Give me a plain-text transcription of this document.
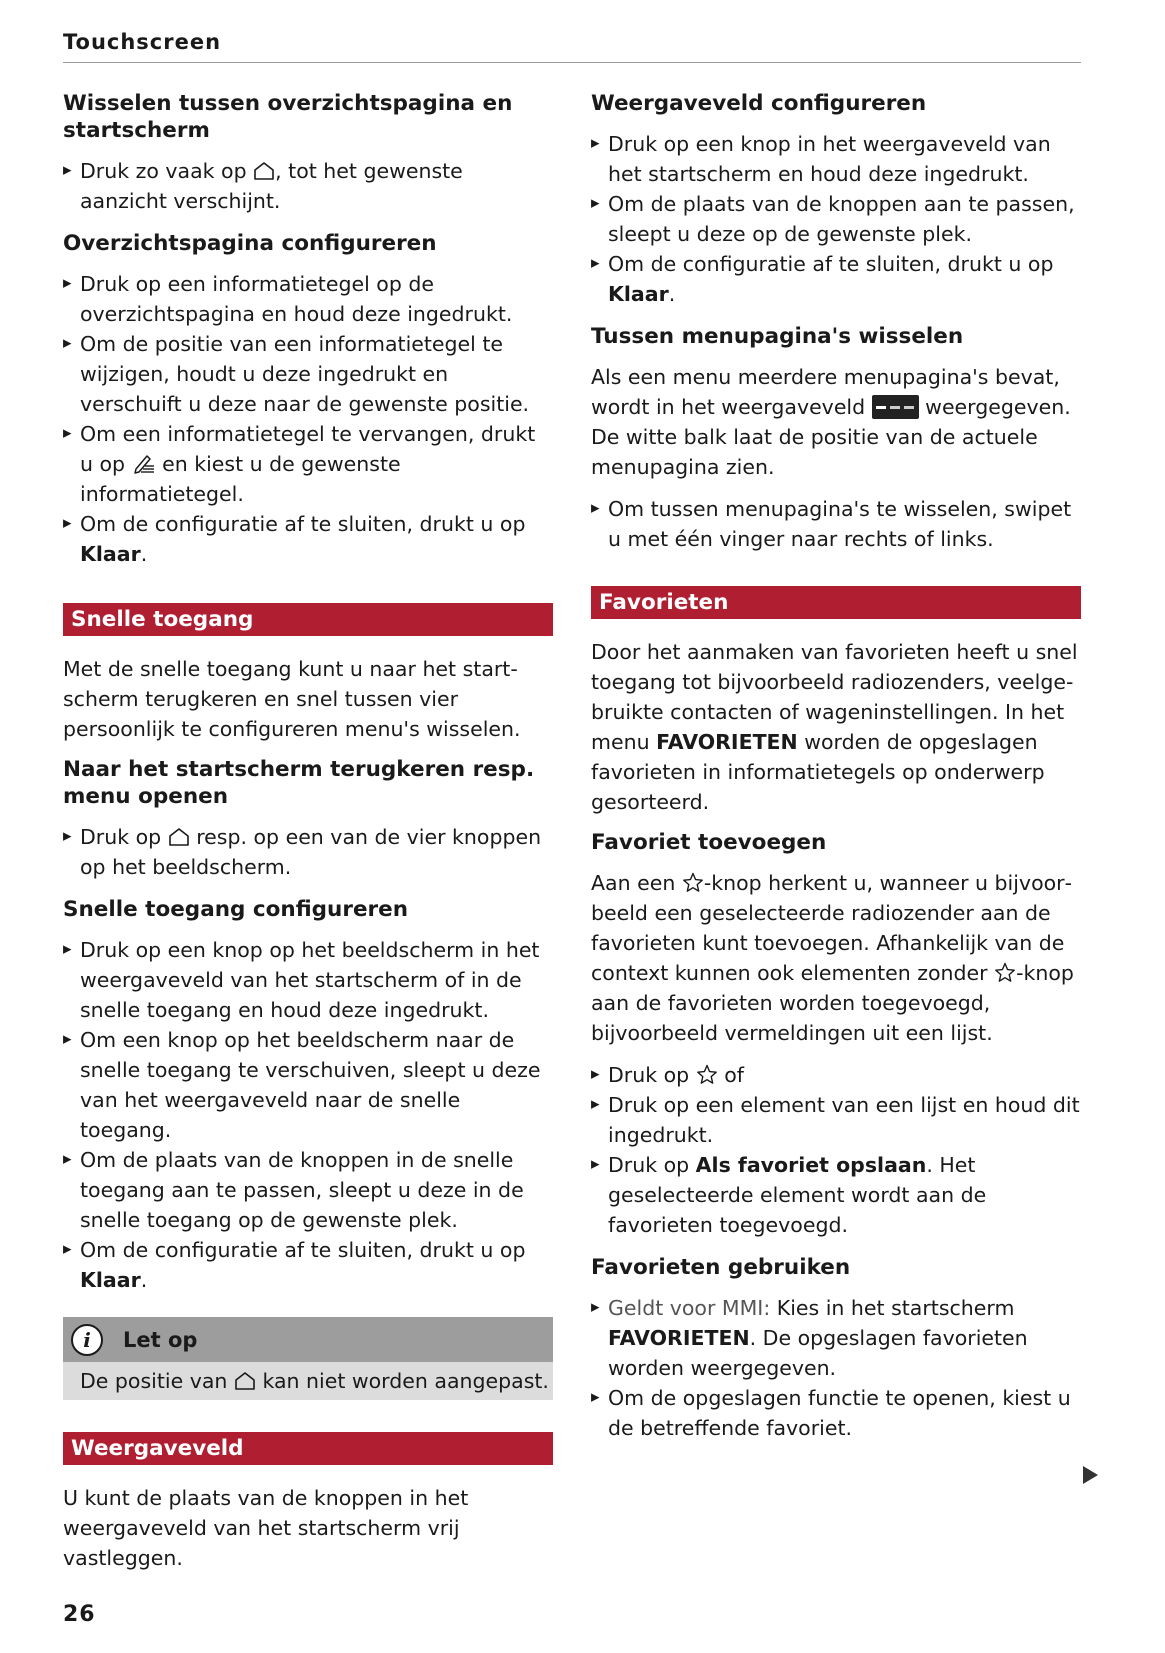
Touchscreen
Wisselen tussen overzichtspagina en startscherm
▸ Druk zo vaak op , tot het gewenste aanzicht verschijnt.
Overzichtspagina configureren
▸ Druk op een informatietegel op de overzichtspagina en houd deze ingedrukt.
▸ Om de positie van een informatietegel te wijzigen, houdt u deze ingedrukt en verschuift u deze naar de gewenste positie.
▸ Om een informatietegel te vervangen, drukt u op  en kiest u de gewenste informatietegel.
▸ Om de configuratie af te sluiten, drukt u op Klaar.
Snelle toegang

Met de snelle toegang kunt u naar het startscherm terugkeren en snel tussen vier persoonlijk te configureren menu's wisselen.

Naar het startscherm terugkeren resp. menu openen
▸ Druk op  resp. op een van de vier knoppen op het beeldscherm.
Snelle toegang configureren
▸ Druk op een knop op het beeldscherm in het weergaveveld van het startscherm of in de snelle toegang en houd deze ingedrukt.
▸ Om een knop op het beeldscherm naar de snelle toegang te verschuiven, sleept u deze van het weergaveveld naar de snelle toegang.
▸ Om de plaats van de knoppen in de snelle toegang aan te passen, sleept u deze in de snelle toegang op de gewenste plek.
▸ Om de configuratie af te sluiten, drukt u op Klaar.
i	Let op
De positie van  kan niet worden aangepast.
Weergaveveld

U kunt de plaats van de knoppen in het weergaveveld van het startscherm vrij vastleggen.

Weergaveveld configureren
▸ Druk op een knop in het weergaveveld van het startscherm en houd deze ingedrukt.
▸ Om de plaats van de knoppen aan te passen, sleept u deze op de gewenste plek.
▸ Om de configuratie af te sluiten, drukt u op Klaar.
Tussen menupagina's wisselen

Als een menu meerdere menupagina's bevat, wordt in het weergaveveld
weergegeven. De witte balk laat de positie van de actuele menupagina zien.

▸ Om tussen menupagina's te wisselen, swipet u met één vinger naar rechts of links.
Favorieten

Door het aanmaken van favorieten heeft u snel toegang tot bijvoorbeeld radiozenders, veelgebruikte contacten of wageninstellingen. In het menu FAVORIETEN worden de opgeslagen favorieten in informatietegels op onderwerp gesorteerd.

Favoriet toevoegen

Aan een -knop herkent u, wanneer u bijvoorbeeld een geselecteerde radiozender aan de favorieten kunt toevoegen. Afhankelijk van de context kunnen ook elementen zonder -knop aan de favorieten worden toegevoegd, bijvoorbeeld vermeldingen uit een lijst.

▸ Druk op  of
▸ Druk op een element van een lijst en houd dit ingedrukt.
▸ Druk op Als favoriet opslaan. Het geselecteerde element wordt aan de favorieten toegevoegd.
Favorieten gebruiken
▸ Geldt voor MMI: Kies in het startscherm FAVORIETEN. De opgeslagen favorieten worden weergegeven.
▸ Om de opgeslagen functie te openen, kiest u de betreffende favoriet.
26
